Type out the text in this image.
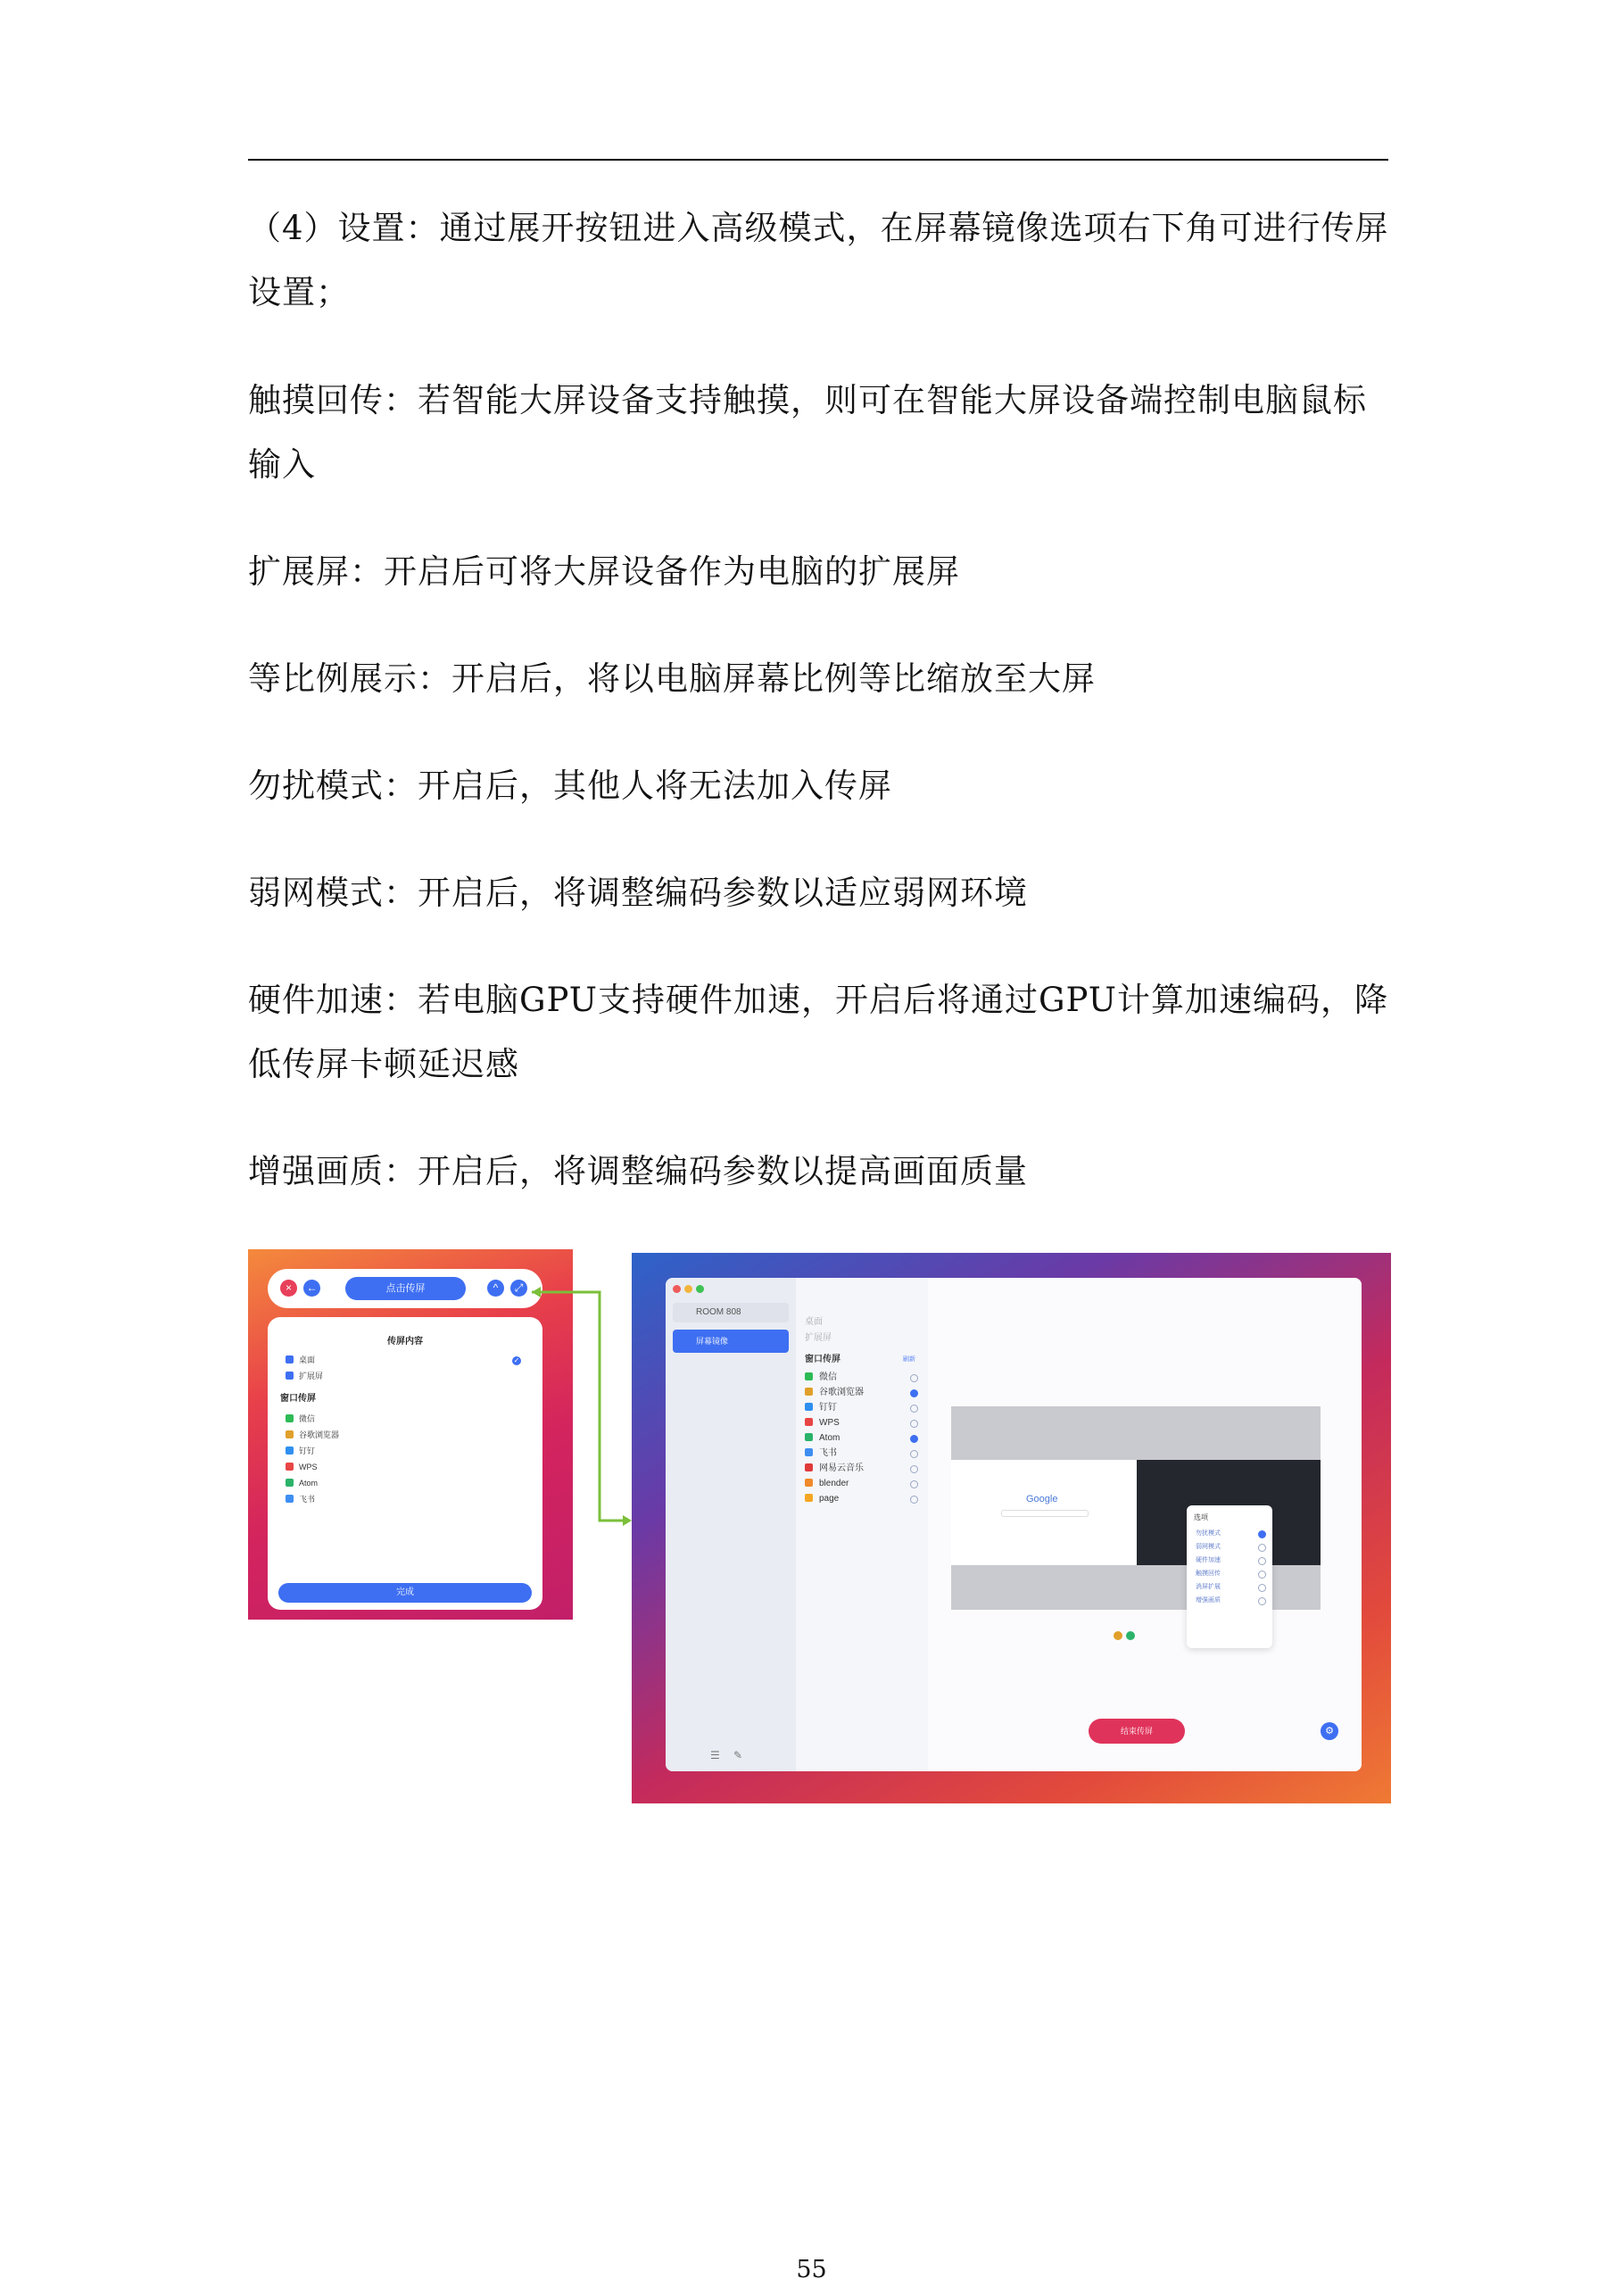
（4）设置：通过展开按钮进入高级模式，在屏幕镜像选项右下角可进行传屏设置；

触摸回传：若智能大屏设备支持触摸，则可在智能大屏设备端控制电脑鼠标输入

扩展屏：开启后可将大屏设备作为电脑的扩展屏

等比例展示：开启后，将以电脑屏幕比例等比缩放至大屏

勿扰模式：开启后，其他人将无法加入传屏

弱网模式：开启后，将调整编码参数以适应弱网环境

硬件加速：若电脑GPU支持硬件加速，开启后将通过GPU计算加速编码，降低传屏卡顿延迟感

增强画质：开启后，将调整编码参数以提高画面质量

×	←	点击传屏	^	⤢
传屏内容
桌面	✓
扩展屏
窗口传屏
微信
谷歌浏览器
钉钉
WPS
Atom
飞书
完成
ROOM 808
屏幕镜像
☰ ✎
桌面
扩展屏
窗口传屏	刷新
微信
谷歌浏览器
钉钉
WPS
Atom
飞书
网易云音乐
blender
page	Google
选项
勿扰模式
弱网模式
硬件加速
触摸回传
消屏扩展
增强画质
结束传屏	⚙
55
